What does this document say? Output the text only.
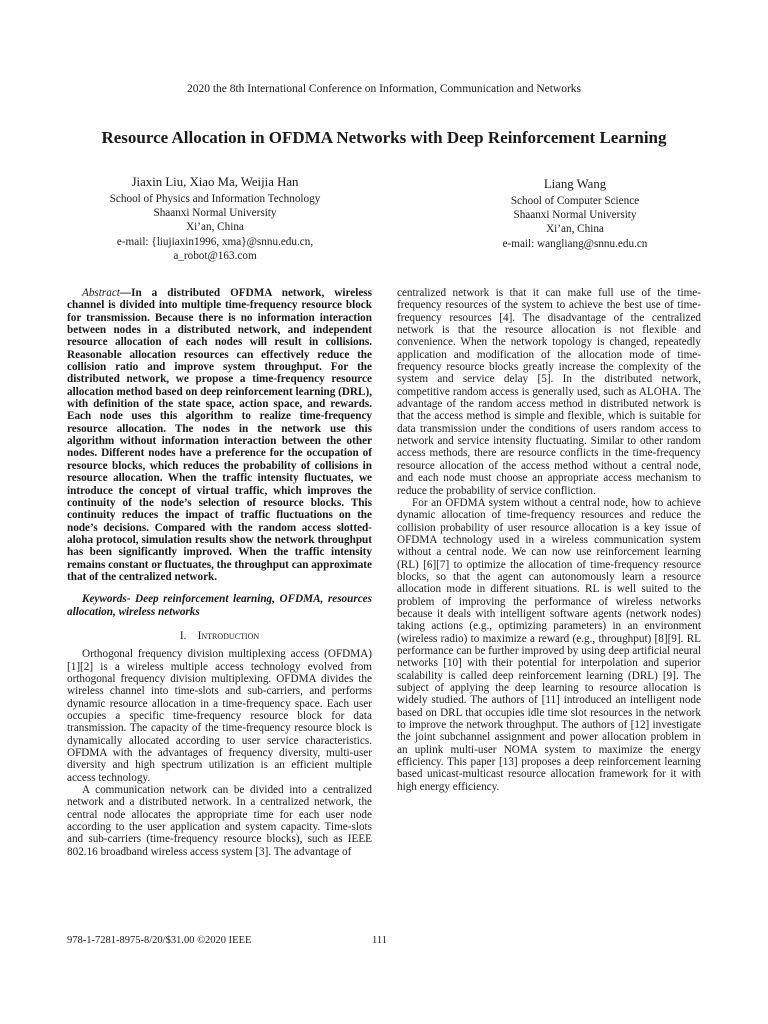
2020 the 8th International Conference on Information, Communication and Networks
Resource Allocation in OFDMA Networks with Deep Reinforcement Learning
Jiaxin Liu, Xiao Ma, Weijia Han
School of Physics and Information Technology
Shaanxi Normal University
Xi’an, China
e-mail: {liujiaxin1996, xma}@snnu.edu.cn,
a_robot@163.com
Liang Wang
School of Computer Science
Shaanxi Normal University
Xi’an, China
e-mail: wangliang@snnu.edu.cn

Abstract—In a distributed OFDMA network, wireless channel is divided into multiple time-frequency resource block for transmission. Because there is no information interaction between nodes in a distributed network, and independent resource allocation of each nodes will result in collisions. Reasonable allocation resources can effectively reduce the collision ratio and improve system throughput. For the distributed network, we propose a time-frequency resource allocation method based on deep reinforcement learning (DRL), with definition of the state space, action space, and rewards. Each node uses this algorithm to realize time-frequency resource allocation. The nodes in the network use this algorithm without information interaction between the other nodes. Different nodes have a preference for the occupation of resource blocks, which reduces the probability of collisions in resource allocation. When the traffic intensity fluctuates, we introduce the concept of virtual traffic, which improves the continuity of the node’s selection of resource blocks. This continuity reduces the impact of traffic fluctuations on the node’s decisions. Compared with the random access slotted-aloha protocol, simulation results show the network throughput has been significantly improved. When the traffic intensity remains constant or fluctuates, the throughput can approximate that of the centralized network.

Keywords- Deep reinforcement learning, OFDMA, resources allocation, wireless networks

I. Introduction

Orthogonal frequency division multiplexing access (OFDMA) [1][2] is a wireless multiple access technology evolved from orthogonal frequency division multiplexing. OFDMA divides the wireless channel into time-slots and sub-carriers, and performs dynamic resource allocation in a time-frequency space. Each user occupies a specific time-frequency resource block for data transmission. The capacity of the time-frequency resource block is dynamically allocated according to user service characteristics. OFDMA with the advantages of frequency diversity, multi-user diversity and high spectrum utilization is an efficient multiple access technology.

A communication network can be divided into a centralized network and a distributed network. In a centralized network, the central node allocates the appropriate time for each user node according to the user application and system capacity. Time-slots and sub-carriers (time-frequency resource blocks), such as IEEE 802.16 broadband wireless access system [3]. The advantage of

centralized network is that it can make full use of the time-frequency resources of the system to achieve the best use of time-frequency resources [4]. The disadvantage of the centralized network is that the resource allocation is not flexible and convenience. When the network topology is changed, repeatedly application and modification of the allocation mode of time-frequency resource blocks greatly increase the complexity of the system and service delay [5]. In the distributed network, competitive random access is generally used, such as ALOHA. The advantage of the random access method in distributed network is that the access method is simple and flexible, which is suitable for data transmission under the conditions of users random access to network and service intensity fluctuating. Similar to other random access methods, there are resource conflicts in the time-frequency resource allocation of the access method without a central node, and each node must choose an appropriate access mechanism to reduce the probability of service confliction.

For an OFDMA system without a central node, how to achieve dynamic allocation of time-frequency resources and reduce the collision probability of user resource allocation is a key issue of OFDMA technology used in a wireless communication system without a central node. We can now use reinforcement learning (RL) [6][7] to optimize the allocation of time-frequency resource blocks, so that the agent can autonomously learn a resource allocation mode in different situations. RL is well suited to the problem of improving the performance of wireless networks because it deals with intelligent software agents (network nodes) taking actions (e.g., optimizing parameters) in an environment (wireless radio) to maximize a reward (e.g., throughput) [8][9]. RL performance can be further improved by using deep artificial neural networks [10] with their potential for interpolation and superior scalability is called deep reinforcement learning (DRL) [9]. The subject of applying the deep learning to resource allocation is widely studied. The authors of [11] introduced an intelligent node based on DRL that occupies idle time slot resources in the network to improve the network throughput. The authors of [12] investigate the joint subchannel assignment and power allocation problem in an uplink multi-user NOMA system to maximize the energy efficiency. This paper [13] proposes a deep reinforcement learning based unicast-multicast resource allocation framework for it with high energy efficiency.

978-1-7281-8975-8/20/$31.00 ©2020 IEEE	111
